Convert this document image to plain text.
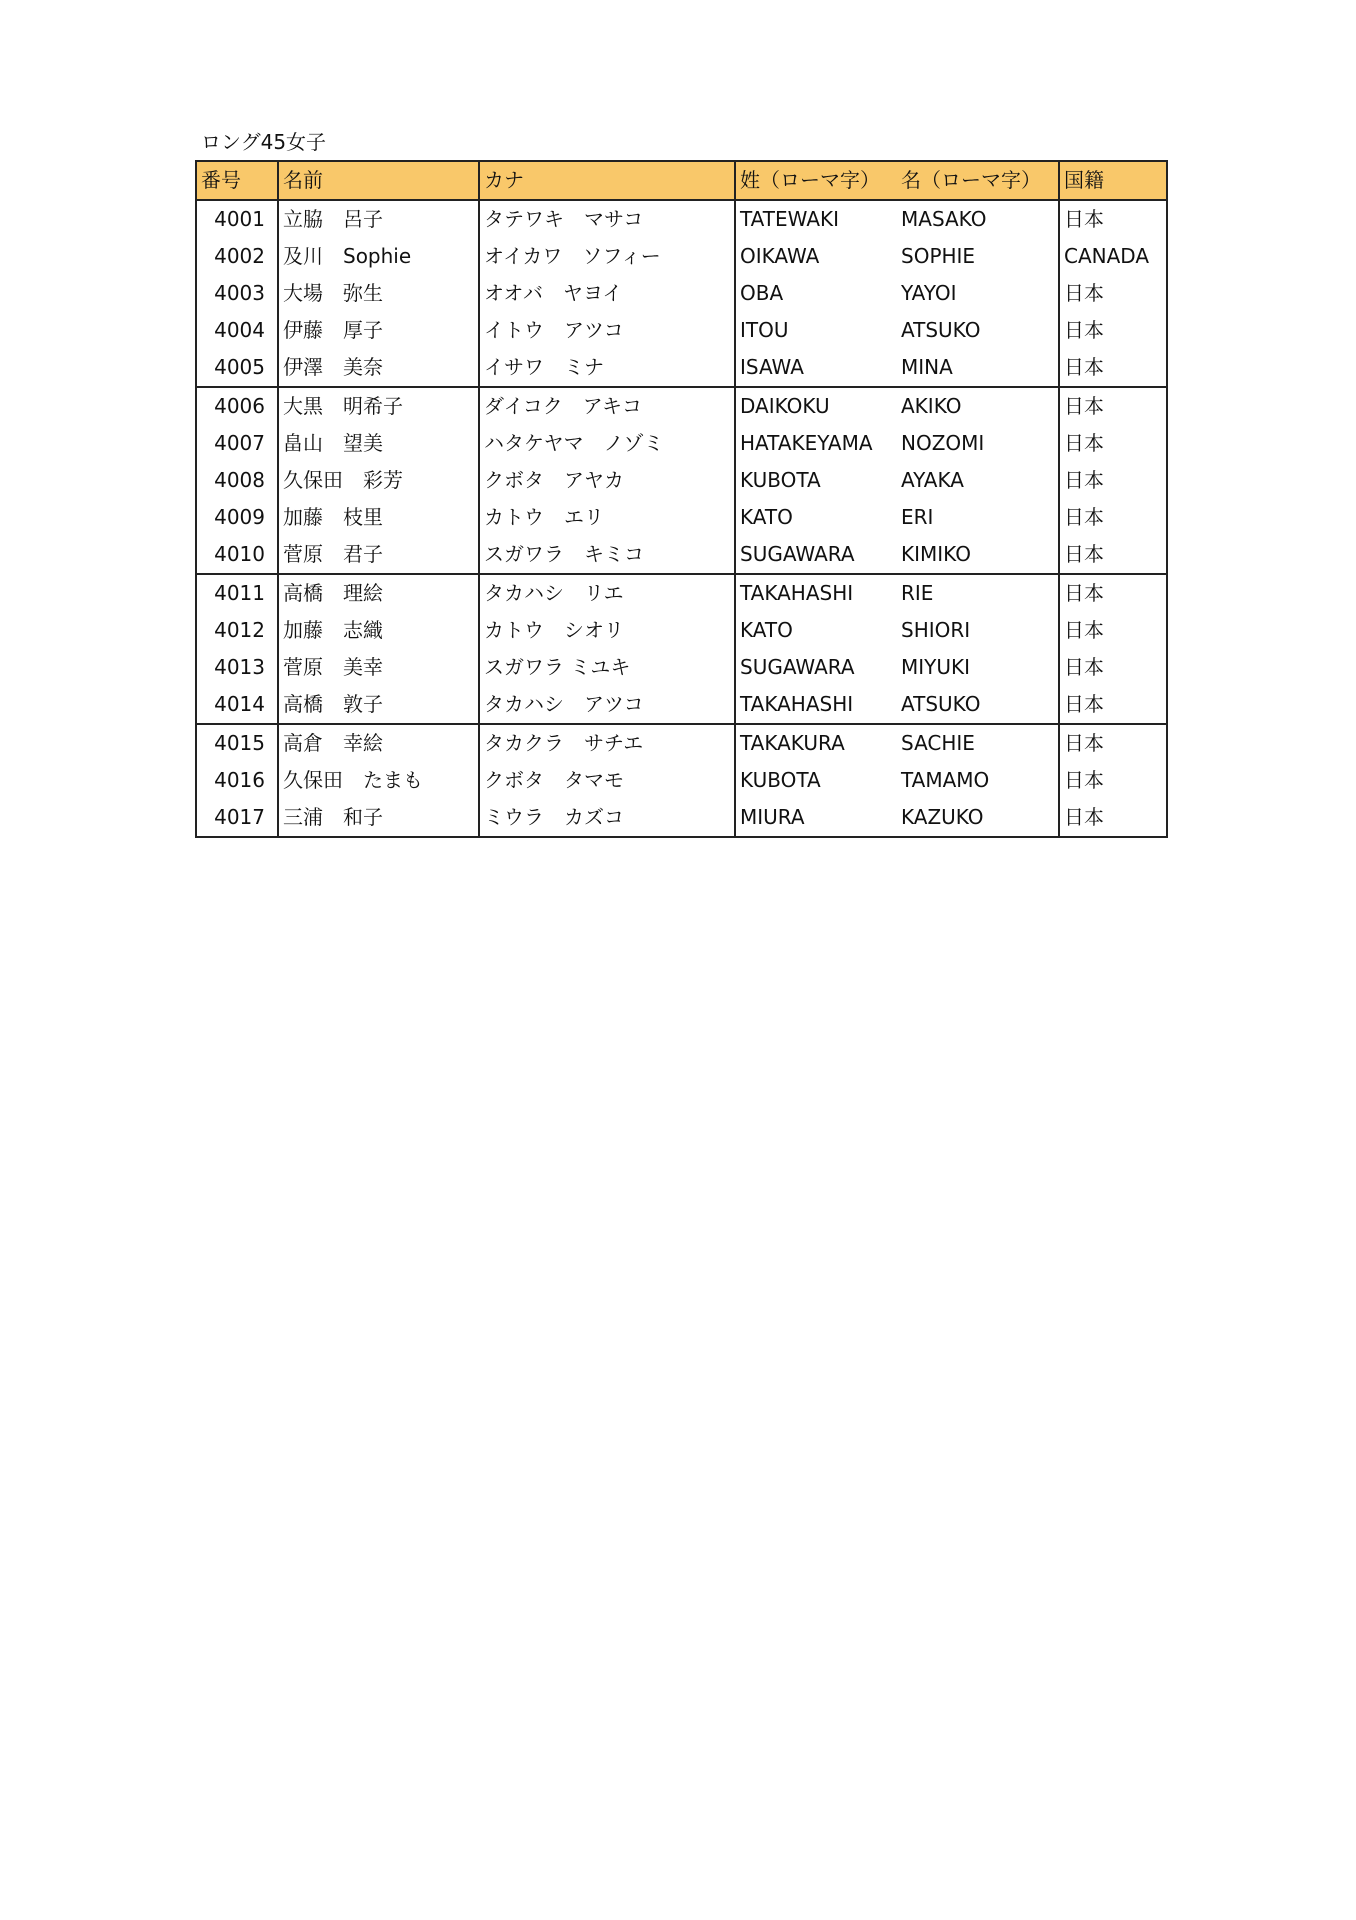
ロング45女子
番号	名前	カナ	姓（ローマ字）	名（ローマ字）	国籍
4001	立脇　呂子	タテワキ　マサコ	TATEWAKI	MASAKO	日本
4002	及川　Sophie	オイカワ　ソフィー	OIKAWA	SOPHIE	CANADA
4003	大場　弥生	オオバ　ヤヨイ	OBA	YAYOI	日本
4004	伊藤　厚子	イトウ　アツコ	ITOU	ATSUKO	日本
4005	伊澤　美奈	イサワ　ミナ	ISAWA	MINA	日本
4006	大黒　明希子	ダイコク　アキコ	DAIKOKU	AKIKO	日本
4007	畠山　望美	ハタケヤマ　ノゾミ	HATAKEYAMA	NOZOMI	日本
4008	久保田　彩芳	クボタ　アヤカ	KUBOTA	AYAKA	日本
4009	加藤　枝里	カトウ　エリ	KATO	ERI	日本
4010	菅原　君子	スガワラ　キミコ	SUGAWARA	KIMIKO	日本
4011	高橋　理絵	タカハシ　リエ	TAKAHASHI	RIE	日本
4012	加藤　志織	カトウ　シオリ	KATO	SHIORI	日本
4013	菅原　美幸	スガワラ ミユキ	SUGAWARA	MIYUKI	日本
4014	高橋　敦子	タカハシ　アツコ	TAKAHASHI	ATSUKO	日本
4015	高倉　幸絵	タカクラ　サチエ	TAKAKURA	SACHIE	日本
4016	久保田　たまも	クボタ　タマモ	KUBOTA	TAMAMO	日本
4017	三浦　和子	ミウラ　カズコ	MIURA	KAZUKO	日本
